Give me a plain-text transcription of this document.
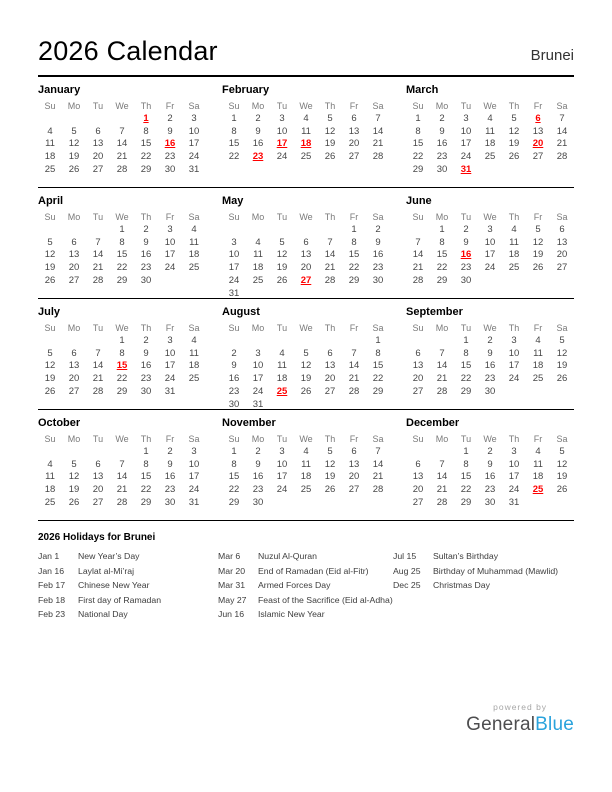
2026 Calendar	Brunei
January
Su	Mo	Tu	We	Th	Fr	Sa
				1	2	3
4	5	6	7	8	9	10
11	12	13	14	15	16	17
18	19	20	21	22	23	24
25	26	27	28	29	30	31
February
Su	Mo	Tu	We	Th	Fr	Sa
1	2	3	4	5	6	7
8	9	10	11	12	13	14
15	16	17	18	19	20	21
22	23	24	25	26	27	28
March
Su	Mo	Tu	We	Th	Fr	Sa
1	2	3	4	5	6	7
8	9	10	11	12	13	14
15	16	17	18	19	20	21
22	23	24	25	26	27	28
29	30	31				
April
Su	Mo	Tu	We	Th	Fr	Sa
			1	2	3	4
5	6	7	8	9	10	11
12	13	14	15	16	17	18
19	20	21	22	23	24	25
26	27	28	29	30		
May
Su	Mo	Tu	We	Th	Fr	Sa
					1	2
3	4	5	6	7	8	9
10	11	12	13	14	15	16
17	18	19	20	21	22	23
24	25	26	27	28	29	30
31						
June
Su	Mo	Tu	We	Th	Fr	Sa
	1	2	3	4	5	6
7	8	9	10	11	12	13
14	15	16	17	18	19	20
21	22	23	24	25	26	27
28	29	30				
July
Su	Mo	Tu	We	Th	Fr	Sa
			1	2	3	4
5	6	7	8	9	10	11
12	13	14	15	16	17	18
19	20	21	22	23	24	25
26	27	28	29	30	31	
August
Su	Mo	Tu	We	Th	Fr	Sa
						1
2	3	4	5	6	7	8
9	10	11	12	13	14	15
16	17	18	19	20	21	22
23	24	25	26	27	28	29
30	31					
September
Su	Mo	Tu	We	Th	Fr	Sa
		1	2	3	4	5
6	7	8	9	10	11	12
13	14	15	16	17	18	19
20	21	22	23	24	25	26
27	28	29	30			
October
Su	Mo	Tu	We	Th	Fr	Sa
				1	2	3
4	5	6	7	8	9	10
11	12	13	14	15	16	17
18	19	20	21	22	23	24
25	26	27	28	29	30	31
November
Su	Mo	Tu	We	Th	Fr	Sa
1	2	3	4	5	6	7
8	9	10	11	12	13	14
15	16	17	18	19	20	21
22	23	24	25	26	27	28
29	30					
December
Su	Mo	Tu	We	Th	Fr	Sa
		1	2	3	4	5
6	7	8	9	10	11	12
13	14	15	16	17	18	19
20	21	22	23	24	25	26
27	28	29	30	31		
2026 Holidays for Brunei
Jan 1	New Year’s Day
Jan 16	Laylat al-Mi’raj
Feb 17	Chinese New Year
Feb 18	First day of Ramadan
Feb 23	National Day
Mar 6	Nuzul Al-Quran
Mar 20	End of Ramadan (Eid al-Fitr)
Mar 31	Armed Forces Day
May 27	Feast of the Sacrifice (Eid al-Adha)
Jun 16	Islamic New Year
Jul 15	Sultan’s Birthday
Aug 25	Birthday of Muhammad (Mawlid)
Dec 25	Christmas Day
powered by
GeneralBlue
